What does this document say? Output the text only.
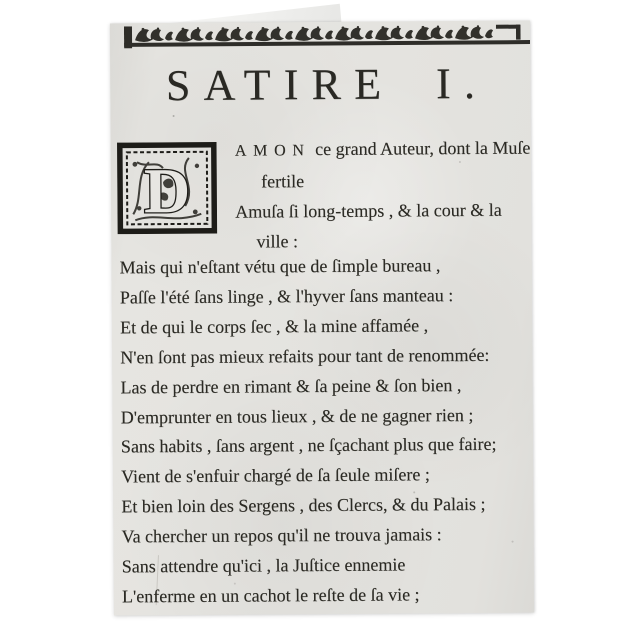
SATIRE I.
D
AMON ce grand Auteur, dont la Muſe
fertile
Amuſa ſi long-temps , & la cour & la
ville :
Mais qui n'eſtant vétu que de ſimple bureau ,
Paſſe l'été ſans linge , & l'hyver ſans manteau :
Et de qui le corps ſec , & la mine affamée ,
N'en ſont pas mieux refaits pour tant de renommée:
Las de perdre en rimant & ſa peine & ſon bien ,
D'emprunter en tous lieux , & de ne gagner rien ;
Sans habits , ſans argent , ne ſçachant plus que faire;
Vient de s'enfuir chargé de ſa ſeule miſere ;
Et bien loin des Sergens , des Clercs, & du Palais ;
Va chercher un repos qu'il ne trouva jamais :
Sans attendre qu'ici , la Juſtice ennemie
L'enferme en un cachot le reſte de ſa vie ;
